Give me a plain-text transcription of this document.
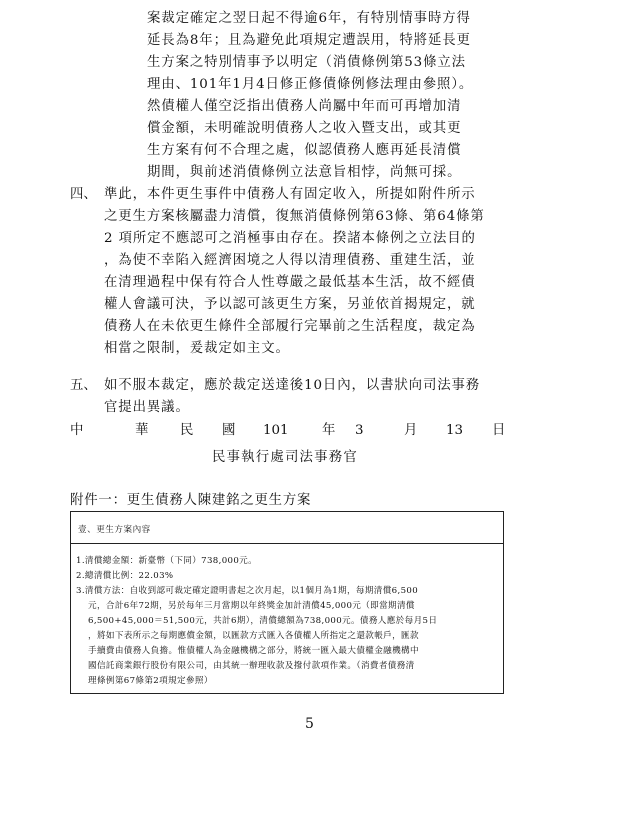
案裁定確定之翌日起不得逾6年，有特別情事時方得
延長為8年；且為避免此項規定遭誤用，特將延長更
生方案之特別情事予以明定（消債條例第53條立法
理由、101年1月4日修正修債條例修法理由參照）。
然債權人僅空泛指出債務人尚屬中年而可再增加清
償金額，未明確說明債務人之收入暨支出，或其更
生方案有何不合理之處，似認債務人應再延長清償
期間，與前述消債條例立法意旨相悖，尚無可採。
四、 準此，本件更生事件中債務人有固定收入，所提如附件所示
之更生方案核屬盡力清償，復無消債條例第63條、第64條第
2 項所定不應認可之消極事由存在。揆諸本條例之立法目的
，為使不幸陷入經濟困境之人得以清理債務、重建生活，並
在清理過程中保有符合人性尊嚴之最低基本生活，故不經債
權人會議可決，予以認可該更生方案，另並依首揭規定，就
債務人在未依更生條件全部履行完畢前之生活程度，裁定為
相當之限制，爰裁定如主文。
五、 如不服本裁定，應於裁定送達後10日內，以書狀向司法事務
官提出異議。
中	華 民 國 101 年 3	月 13 日
民事執行處司法事務官
附件一：更生債務人陳建銘之更生方案
壹、更生方案內容
1.清償總金額：新臺幣（下同）738,000元。
2.總清償比例：22.03%
3.清償方法：自收到認可裁定確定證明書起之次月起，以1個月為1期，每期清償6,500
元，合計6年72期，另於每年三月當期以年終獎金加計清償45,000元（即當期清償
6,500+45,000＝51,500元，共計6期），清償總額為738,000元。債務人應於每月5日
，將如下表所示之每期應償金額，以匯款方式匯入各債權人所指定之還款帳戶，匯款
手續費由債務人負擔。惟債權人為金融機構之部分，將統一匯入最大債權金融機構中
國信託商業銀行股份有限公司，由其統一辦理收款及撥付款項作業。（消費者債務清
理條例第67條第2項規定參照）
5
